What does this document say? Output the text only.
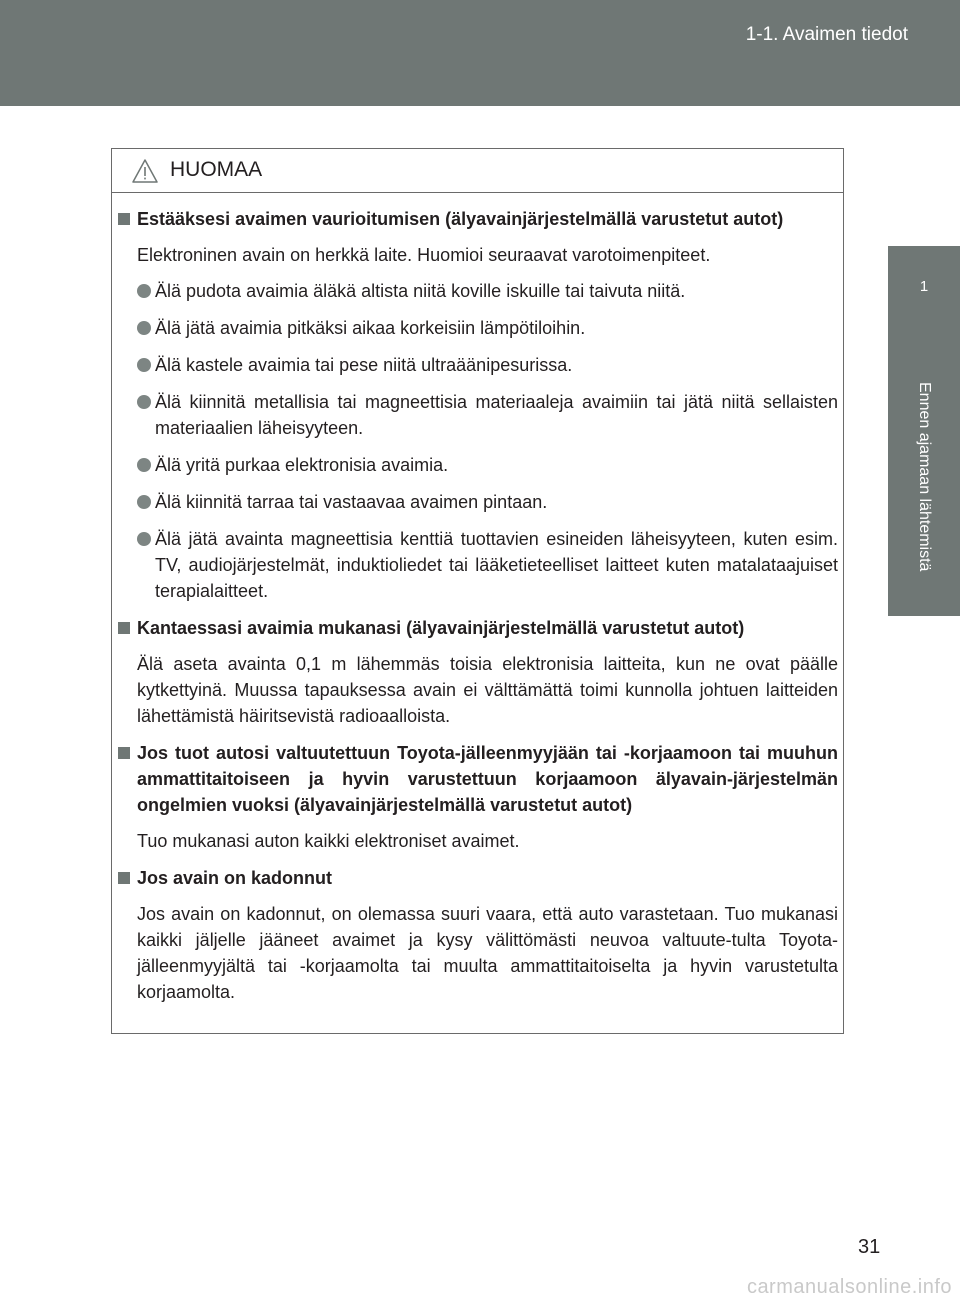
1-1. Avaimen tiedot
1
Ennen ajamaan lähtemistä
HUOMAA
Estääksesi avaimen vaurioitumisen (älyavainjärjestelmällä varustetut autot)
Elektroninen avain on herkkä laite. Huomioi seuraavat varotoimenpiteet.
Älä pudota avaimia äläkä altista niitä koville iskuille tai taivuta niitä.
Älä jätä avaimia pitkäksi aikaa korkeisiin lämpötiloihin.
Älä kastele avaimia tai pese niitä ultraäänipesurissa.
Älä kiinnitä metallisia tai magneettisia materiaaleja avaimiin tai jätä niitä sellaisten materiaalien läheisyyteen.
Älä yritä purkaa elektronisia avaimia.
Älä kiinnitä tarraa tai vastaavaa avaimen pintaan.
Älä jätä avainta magneettisia kenttiä tuottavien esineiden läheisyyteen, kuten esim. TV, audiojärjestelmät, induktioliedet tai lääketieteelliset laitteet kuten matalataajuiset terapialaitteet.
Kantaessasi avaimia mukanasi (älyavainjärjestelmällä varustetut autot)
Älä aseta avainta 0,1 m lähemmäs toisia elektronisia laitteita, kun ne ovat päälle kytkettyinä. Muussa tapauksessa avain ei välttämättä toimi kunnolla johtuen laitteiden lähettämistä häiritsevistä radioaalloista.
Jos tuot autosi valtuutettuun Toyota-jälleenmyyjään tai -korjaamoon tai muuhun ammattitaitoiseen ja hyvin varustettuun korjaamoon älyavain-järjestelmän ongelmien vuoksi (älyavainjärjestelmällä varustetut autot)
Tuo mukanasi auton kaikki elektroniset avaimet.
Jos avain on kadonnut
Jos avain on kadonnut, on olemassa suuri vaara, että auto varastetaan. Tuo mukanasi kaikki jäljelle jääneet avaimet ja kysy välittömästi neuvoa valtuute-tulta Toyota-jälleenmyyjältä tai -korjaamolta tai muulta ammattitaitoiselta ja hyvin varustetulta korjaamolta.
31
carmanualsonline.info
